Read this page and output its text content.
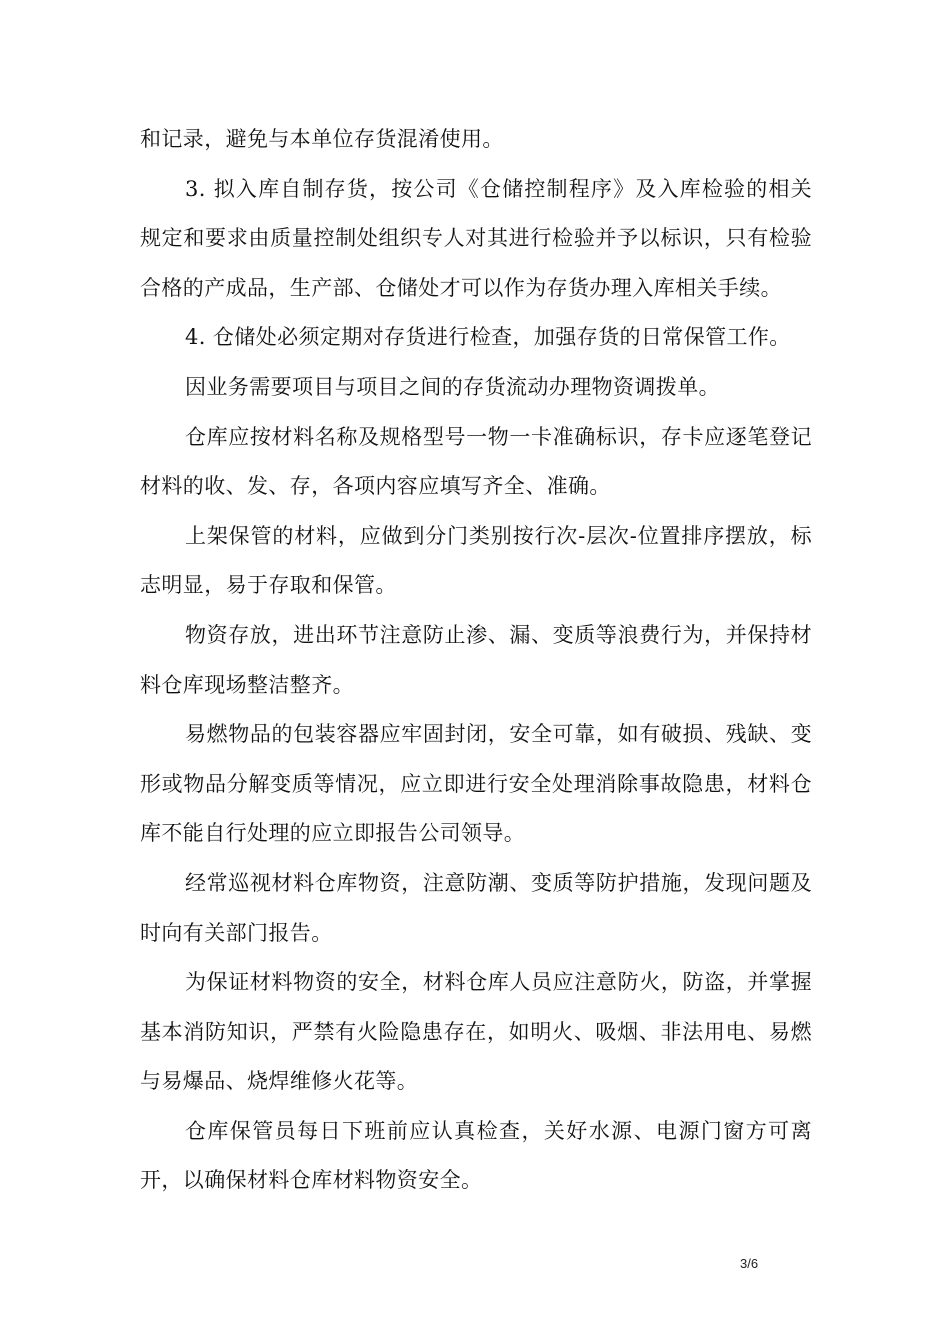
和记录，避免与本单位存货混淆使用。

3. 拟入库自制存货，按公司《仓储控制程序》及入库检验的相关规定和要求由质量控制处组织专人对其进行检验并予以标识，只有检验合格的产成品，生产部、仓储处才可以作为存货办理入库相关手续。

4. 仓储处必须定期对存货进行检查，加强存货的日常保管工作。

因业务需要项目与项目之间的存货流动办理物资调拨单。

仓库应按材料名称及规格型号一物一卡准确标识，存卡应逐笔登记材料的收、发、存，各项内容应填写齐全、准确。

上架保管的材料，应做到分门类别按行次-层次-位置排序摆放，标志明显，易于存取和保管。

物资存放，进出环节注意防止渗、漏、变质等浪费行为，并保持材料仓库现场整洁整齐。

易燃物品的包装容器应牢固封闭，安全可靠，如有破损、残缺、变形或物品分解变质等情况，应立即进行安全处理消除事故隐患，材料仓库不能自行处理的应立即报告公司领导。

经常巡视材料仓库物资，注意防潮、变质等防护措施，发现问题及时向有关部门报告。

为保证材料物资的安全，材料仓库人员应注意防火，防盗，并掌握基本消防知识，严禁有火险隐患存在，如明火、吸烟、非法用电、易燃与易爆品、烧焊维修火花等。

仓库保管员每日下班前应认真检查，关好水源、电源门窗方可离开，以确保材料仓库材料物资安全。

3/6
